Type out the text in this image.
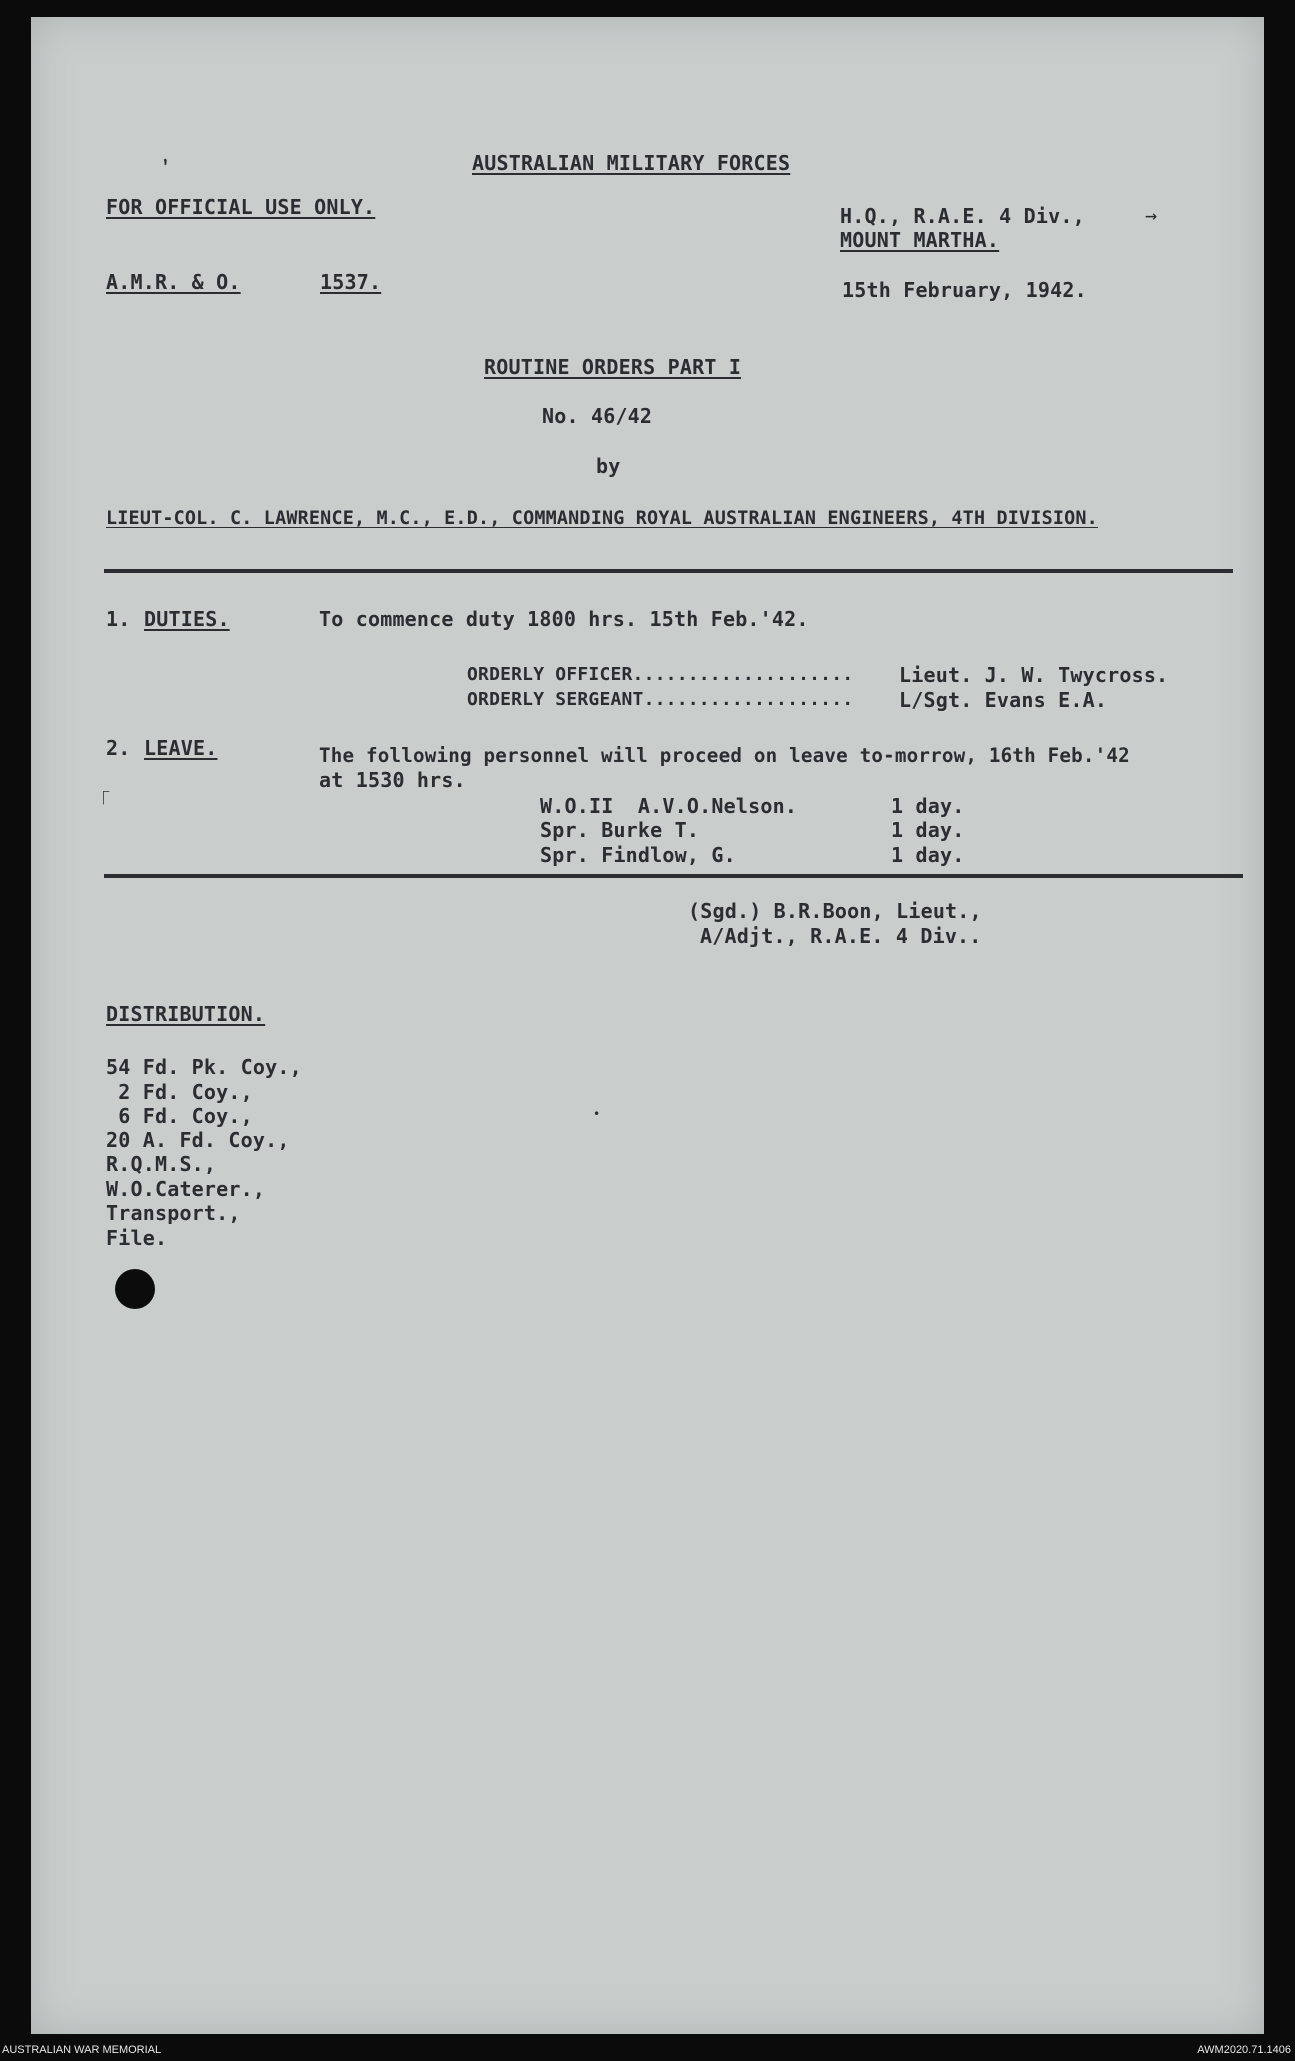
AUSTRALIAN MILITARY FORCES
FOR OFFICIAL USE ONLY.	H.Q., R.A.E. 4 Div.,
MOUNT MARTHA.
A.M.R. & O.	1537.	15th February, 1942.
ROUTINE ORDERS PART I
No. 46/42
by
LIEUT-COL. C. LAWRENCE, M.C., E.D., COMMANDING ROYAL AUSTRALIAN ENGINEERS, 4TH DIVISION.
1. DUTIES.	To commence duty 1800 hrs. 15th Feb.'42.
ORDERLY OFFICER.................... Lieut. J. W. Twycross.
ORDERLY SERGEANT................... L/Sgt. Evans E.A.
2. LEAVE.	The following personnel will proceed on leave to-morrow, 16th Feb.'42
at 1530 hrs.
W.O.II  A.V.O.Nelson.	1 day.
Spr. Burke T.	1 day.
Spr. Findlow, G.	1 day.
(Sgd.) B.R.Boon, Lieut.,
A/Adjt., R.A.E. 4 Div..
DISTRIBUTION.
54 Fd. Pk. Coy.,
2 Fd. Coy.,
6 Fd. Coy.,
20 A. Fd. Coy.,
R.Q.M.S.,
W.O.Caterer.,
Transport.,
File.
’
→
「
•
AUSTRALIAN WAR MEMORIAL	AWM2020.71.1406
